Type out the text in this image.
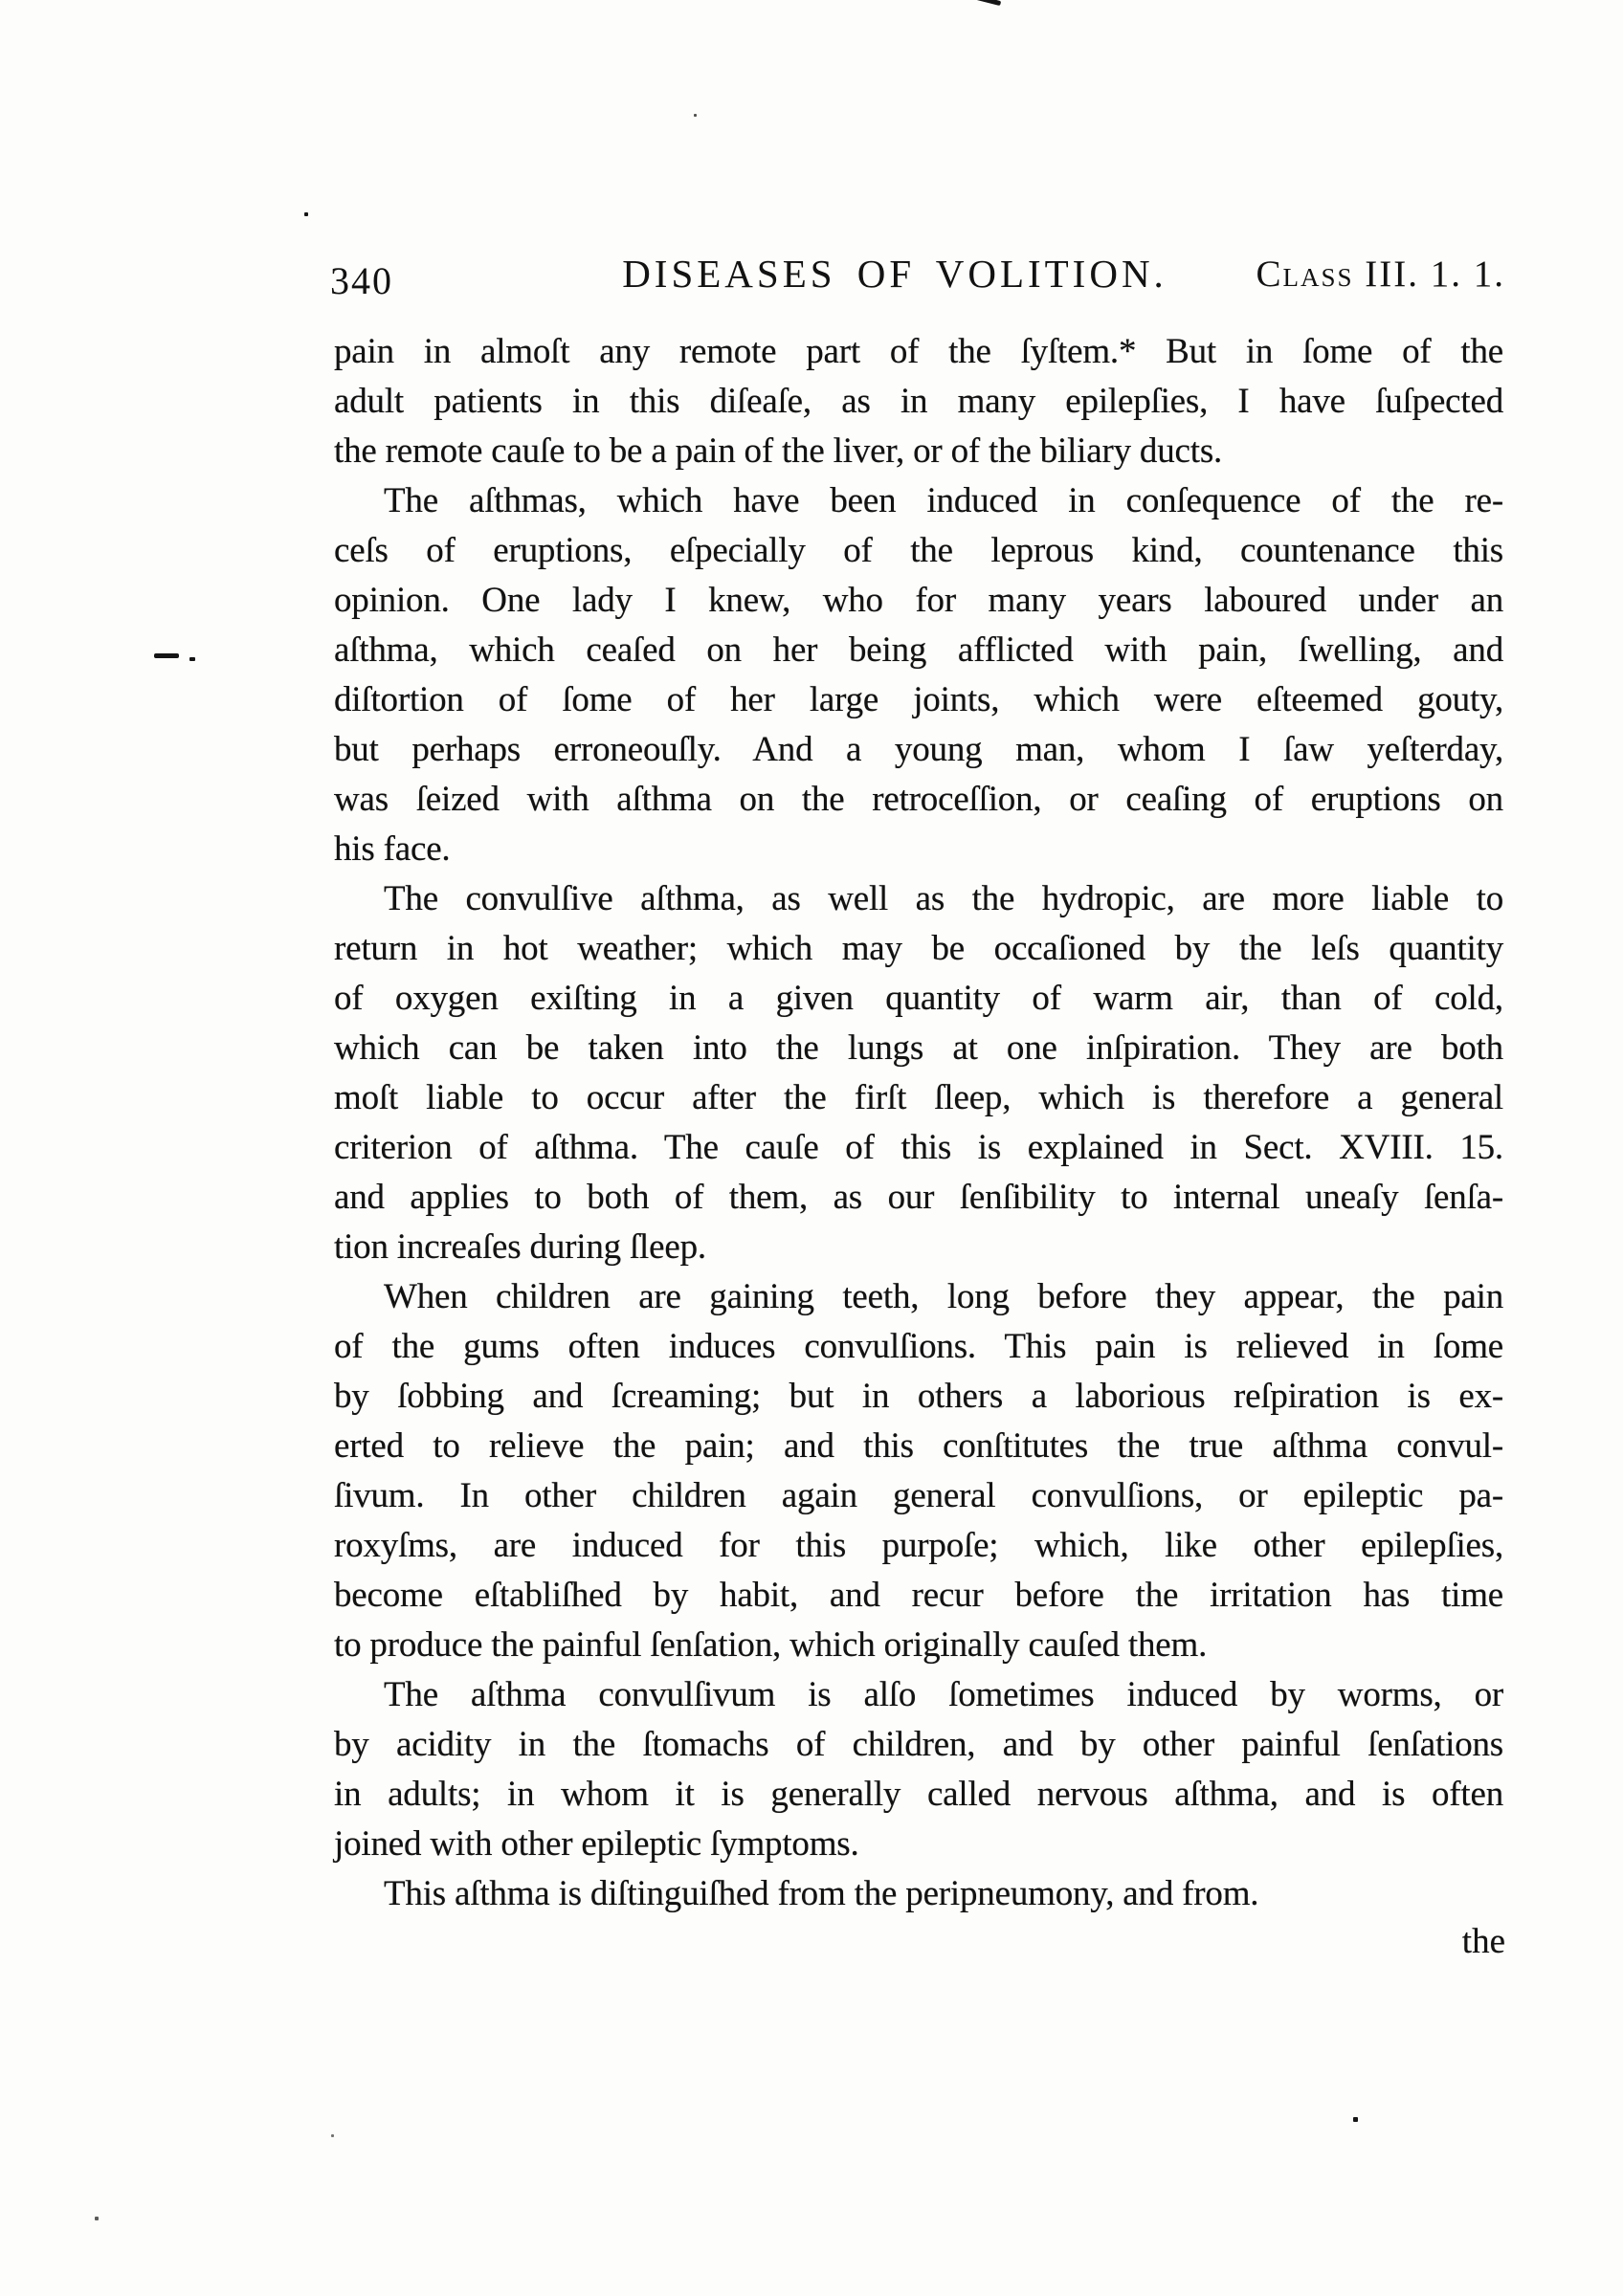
340	DISEASES OF VOLITION. Class III. 1. 1.
pain in almoſt any remote part of the ſyſtem.* But in ſome of the
adult patients in this diſeaſe, as in many epilepſies, I have ſuſpected
the remote cauſe to be a pain of the liver, or of the biliary ducts.
The aſthmas, which have been induced in conſequence of the re-
ceſs of eruptions, eſpecially of the leprous kind, countenance this
opinion. One lady I knew, who for many years laboured under an
aſthma, which ceaſed on her being afflicted with pain, ſwelling, and
diſtortion of ſome of her large joints, which were eſteemed gouty,
but perhaps erroneouſly. And a young man, whom I ſaw yeſterday,
was ſeized with aſthma on the retroceſſion, or ceaſing of eruptions on
his face.
The convulſive aſthma, as well as the hydropic, are more liable to
return in hot weather; which may be occaſioned by the leſs quantity
of oxygen exiſting in a given quantity of warm air, than of cold,
which can be taken into the lungs at one inſpiration. They are both
moſt liable to occur after the firſt ſleep, which is therefore a general
criterion of aſthma. The cauſe of this is explained in Sect. XVIII. 15.
and applies to both of them, as our ſenſibility to internal uneaſy ſenſa-
tion increaſes during ſleep.
When children are gaining teeth, long before they appear, the pain
of the gums often induces convulſions. This pain is relieved in ſome
by ſobbing and ſcreaming; but in others a laborious reſpiration is ex-
erted to relieve the pain; and this conſtitutes the true aſthma convul-
ſivum. In other children again general convulſions, or epileptic pa-
roxyſms, are induced for this purpoſe; which, like other epilepſies,
become eſtabliſhed by habit, and recur before the irritation has time
to produce the painful ſenſation, which originally cauſed them.
The aſthma convulſivum is alſo ſometimes induced by worms, or
by acidity in the ſtomachs of children, and by other painful ſenſations
in adults; in whom it is generally called nervous aſthma, and is often
joined with other epileptic ſymptoms.
This aſthma is diſtinguiſhed from the peripneumony, and from.
the
